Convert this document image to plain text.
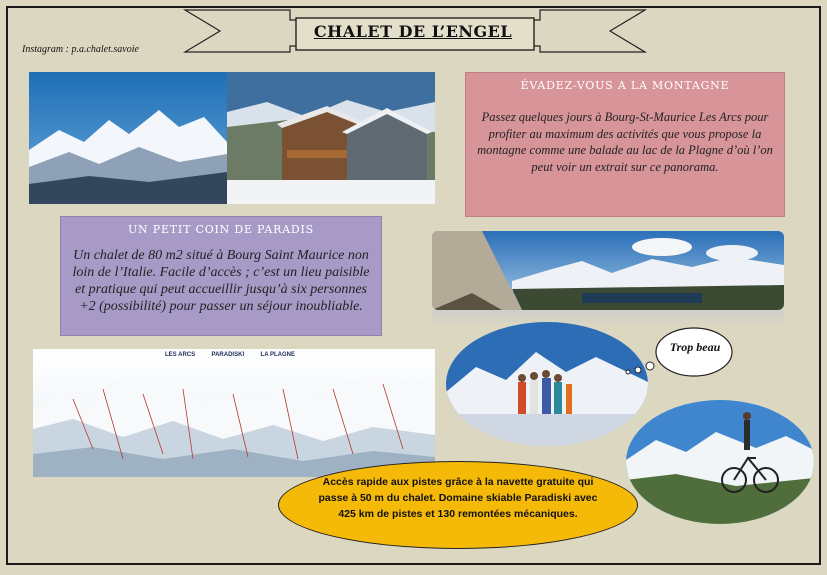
CHALET DE L’ENGEL
Instagram : p.a.chalet.savoie
ÉVADEZ-VOUS A LA MONTAGNE
Passez quelques jours à Bourg-St-Maurice Les Arcs pour profiter au maximum des activités que vous propose la montagne comme une balade au lac de la Plagne d’où l’on peut voir un extrait sur ce panorama.
UN PETIT COIN DE PARADIS
Un chalet de 80 m2 situé à Bourg Saint Maurice non loin de l’Italie. Facile d’accès ; c’est un lieu paisible et pratique qui peut accueillir jusqu’à six personnes +2 (possibilité) pour passer un séjour inoubliable.
LES ARCS	PARADISKI	LA PLAGNE
Trop beau
Accès rapide aux pistes grâce à la navette gratuite qui passe à 50 m du chalet. Domaine skiable Paradiski avec 425 km de pistes et 130 remontées mécaniques.
